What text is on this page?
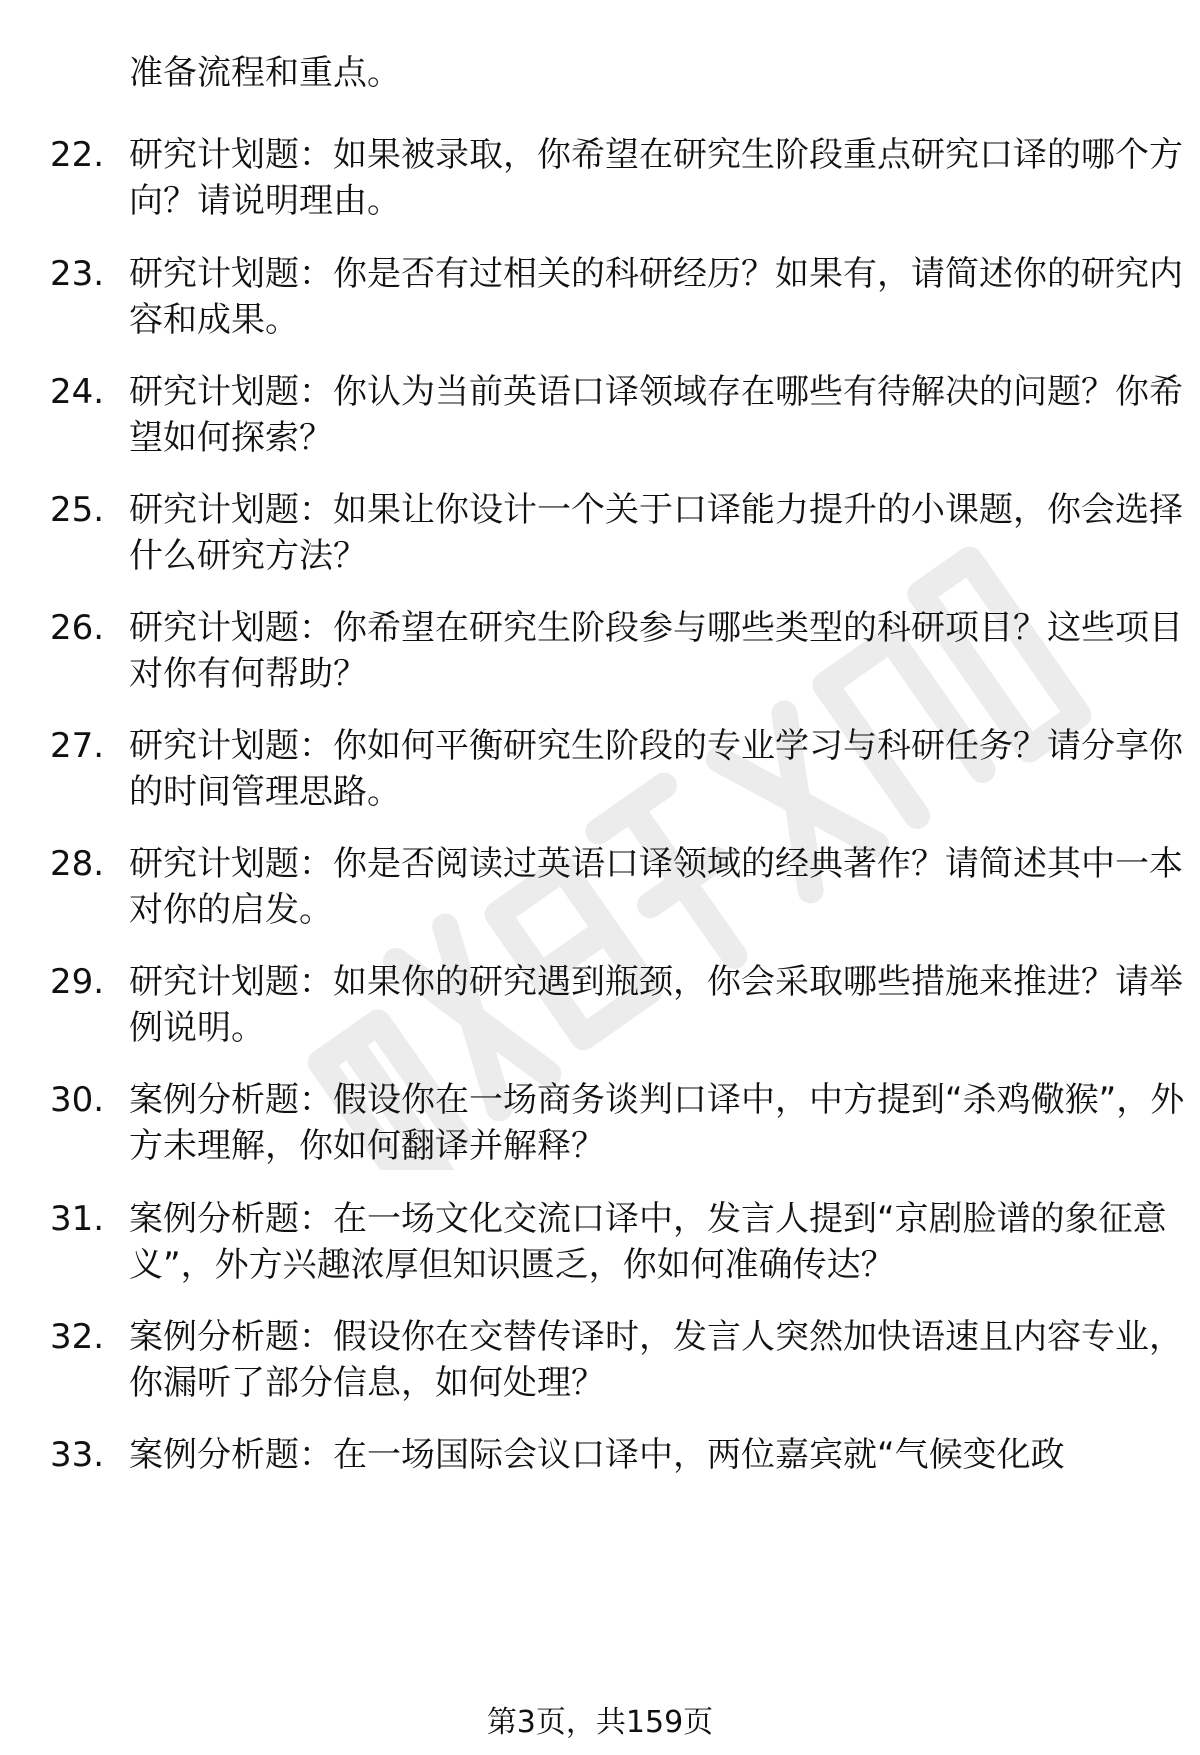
准备流程和重点。
22. 研究计划题：如果被录取，你希望在研究生阶段重点研究口译的哪个方向？请说明理由。
23. 研究计划题：你是否有过相关的科研经历？如果有，请简述你的研究内容和成果。
24. 研究计划题：你认为当前英语口译领域存在哪些有待解决的问题？你希望如何探索？
25. 研究计划题：如果让你设计一个关于口译能力提升的小课题，你会选择什么研究方法？
26. 研究计划题：你希望在研究生阶段参与哪些类型的科研项目？这些项目对你有何帮助？
27. 研究计划题：你如何平衡研究生阶段的专业学习与科研任务？请分享你的时间管理思路。
28. 研究计划题：你是否阅读过英语口译领域的经典著作？请简述其中一本对你的启发。
29. 研究计划题：如果你的研究遇到瓶颈，你会采取哪些措施来推进？请举例说明。
30. 案例分析题：假设你在一场商务谈判口译中，中方提到“杀鸡儆猴”，外方未理解，你如何翻译并解释？
31. 案例分析题：在一场文化交流口译中，发言人提到“京剧脸谱的象征意义”，外方兴趣浓厚但知识匮乏，你如何准确传达？
32. 案例分析题：假设你在交替传译时，发言人突然加快语速且内容专业，你漏听了部分信息，如何处理？
33. 案例分析题：在一场国际会议口译中，两位嘉宾就“气候变化政
第3页，共159页
